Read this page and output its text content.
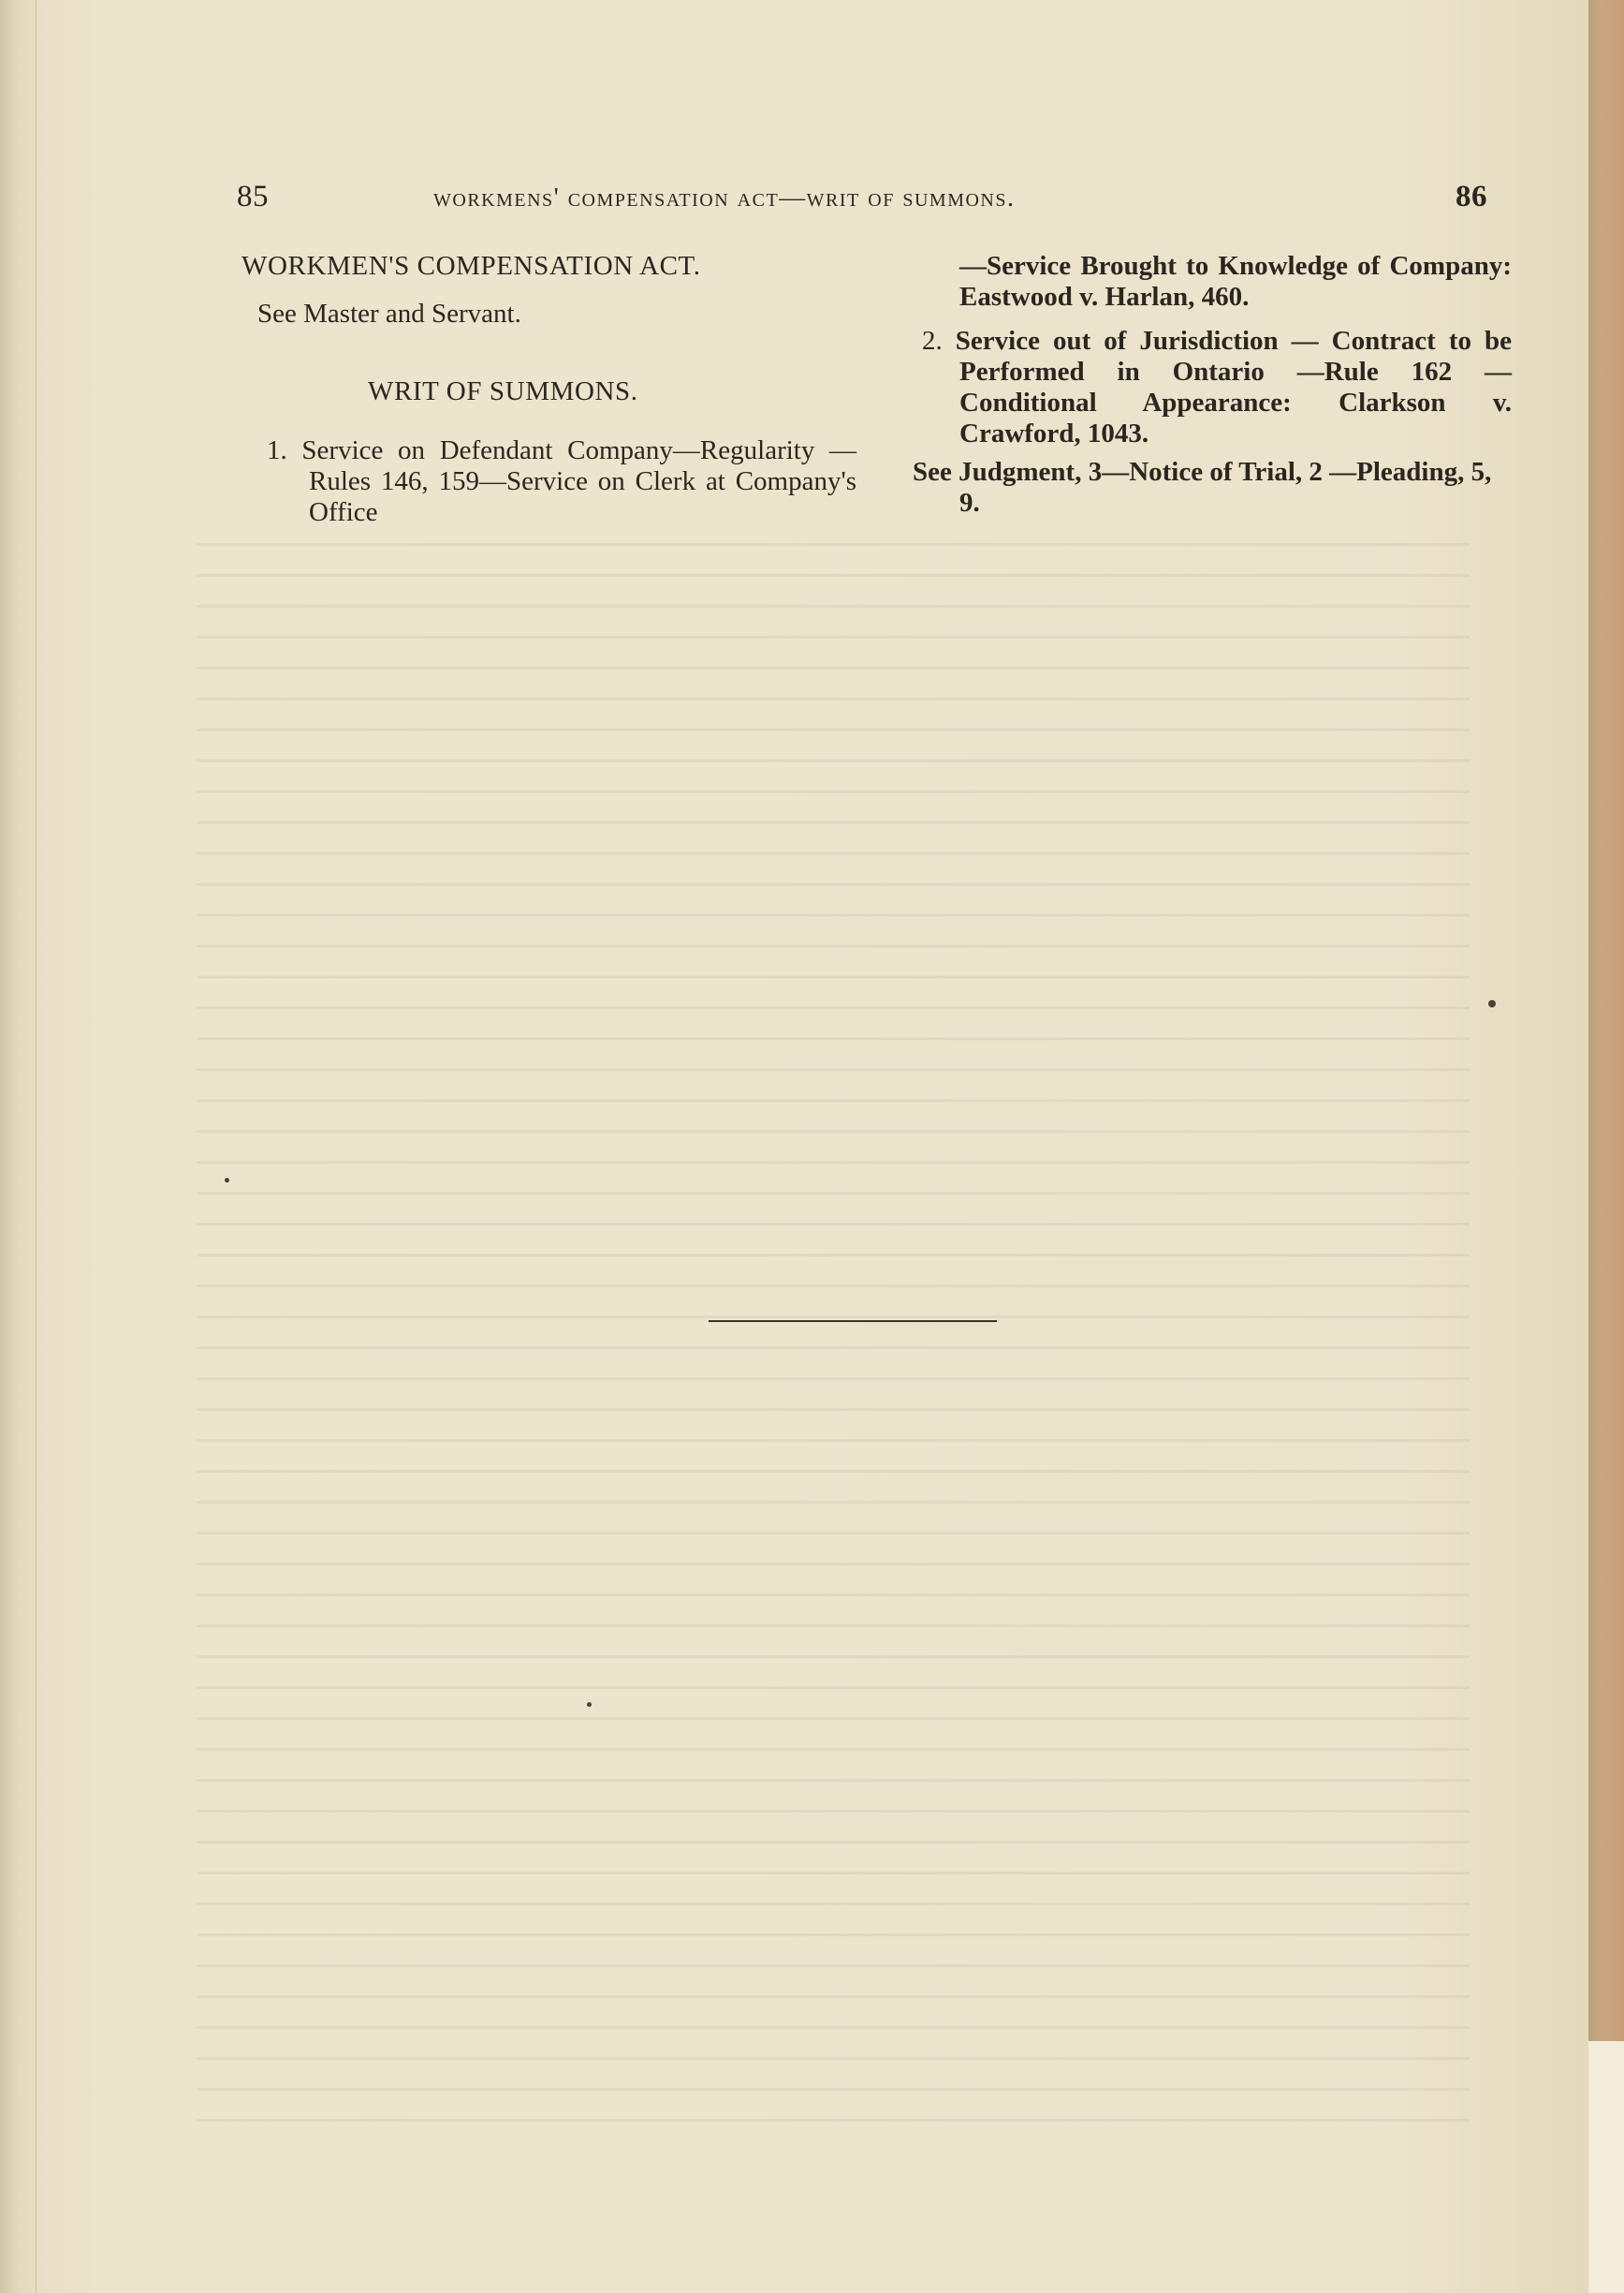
85	workmens' compensation act—writ of summons.	86
WORKMEN'S COMPENSATION ACT.
See Master and Servant.
WRIT OF SUMMONS.

1. Service on Defendant Company—Regularity — Rules 146, 159—Service on Clerk at Company's Office

—Service Brought to Knowledge of Company: Eastwood v. Harlan, 460.

2. Service out of Jurisdiction — Contract to be Performed in Ontario —Rule 162 — Conditional Appearance: Clarkson v. Crawford, 1043.

See Judgment, 3—Notice of Trial, 2 —Pleading, 5, 9.
